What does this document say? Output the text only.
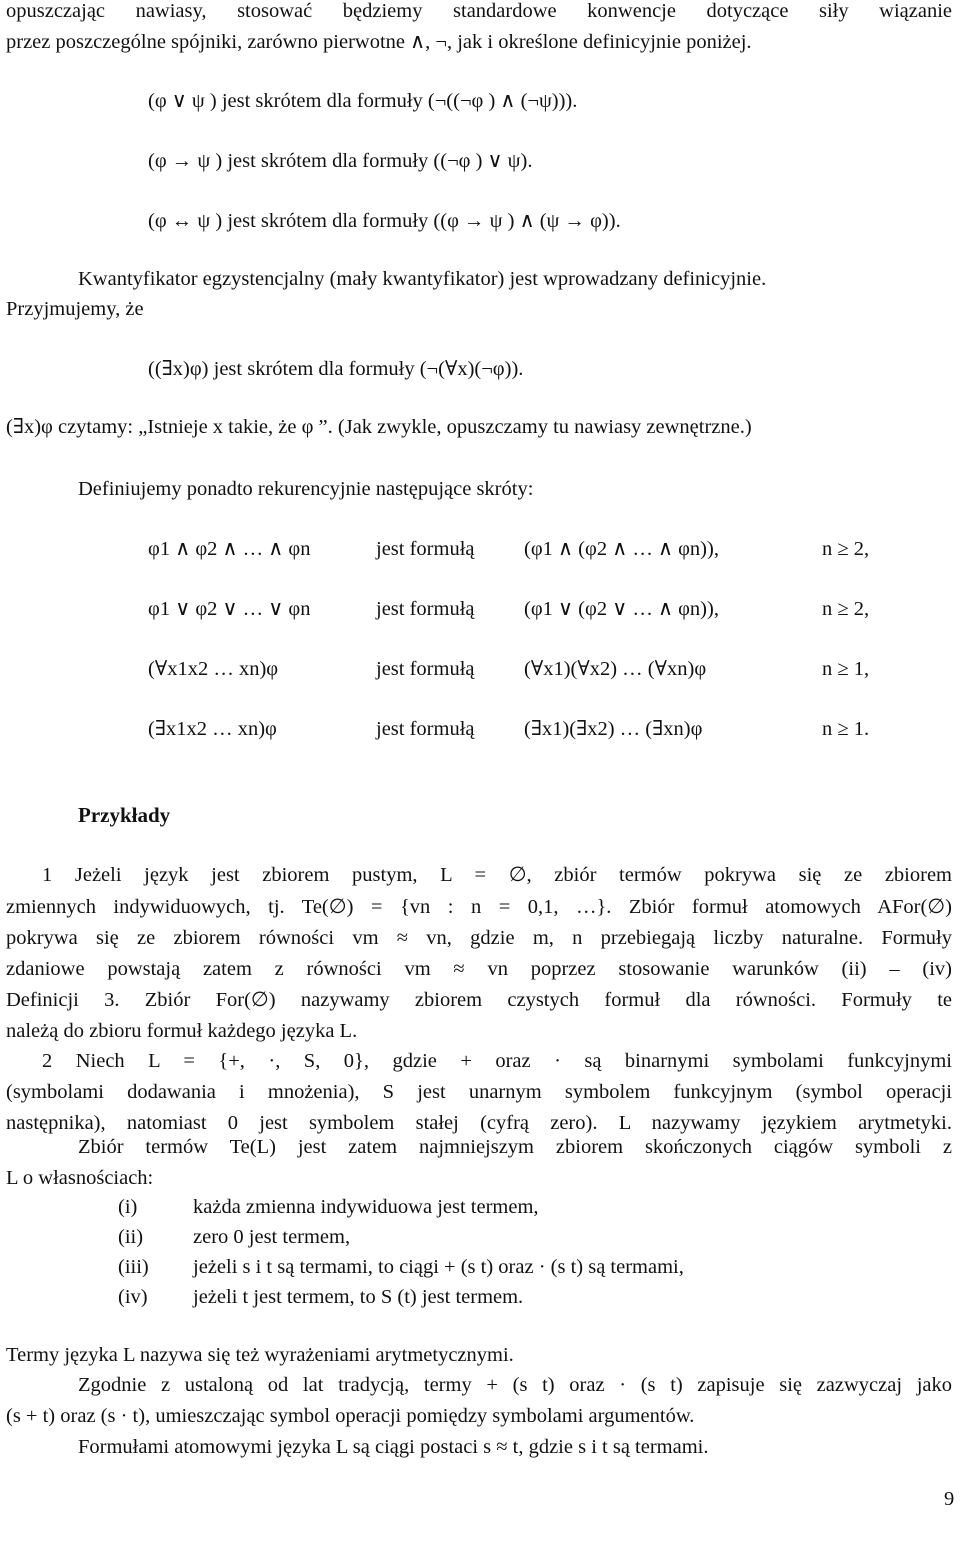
opuszczając nawiasy, stosować będziemy standardowe konwencje dotyczące siły wiązanie
przez poszczególne spójniki, zarówno pierwotne ∧, ¬, jak i określone definicyjnie poniżej.
(φ ∨ ψ ) jest skrótem dla formuły (¬((¬φ ) ∧ (¬ψ))).
(φ → ψ ) jest skrótem dla formuły ((¬φ ) ∨ ψ).
(φ ↔ ψ ) jest skrótem dla formuły ((φ → ψ ) ∧ (ψ → φ)).
Kwantyfikator egzystencjalny (mały kwantyfikator) jest wprowadzany definicyjnie.
Przyjmujemy, że
((∃x)φ) jest skrótem dla formuły (¬(∀x)(¬φ)).
(∃x)φ czytamy: „Istnieje x takie, że φ ”. (Jak zwykle, opuszczamy tu nawiasy zewnętrzne.)
Definiujemy ponadto rekurencyjnie następujące skróty:
φ1 ∧ φ2 ∧ … ∧ φn	jest formułą (φ1 ∧ (φ2 ∧ … ∧ φn)),	n ≥ 2,
φ1 ∨ φ2 ∨ … ∨ φn	jest formułą (φ1 ∨ (φ2 ∨ … ∧ φn)),	n ≥ 2,
(∀x1x2 … xn)φ	jest formułą (∀x1)(∀x2) … (∀xn)φ	n ≥ 1,
(∃x1x2 … xn)φ	jest formułą (∃x1)(∃x2) … (∃xn)φ	n ≥ 1.
Przykłady
1 Jeżeli język jest zbiorem pustym, L = ∅, zbiór termów pokrywa się ze zbiorem
zmiennych indywiduowych, tj. Te(∅) = {vn : n = 0,1, …}. Zbiór formuł atomowych AFor(∅)
pokrywa się ze zbiorem równości vm ≈ vn, gdzie m, n przebiegają liczby naturalne. Formuły
zdaniowe powstają zatem z równości vm ≈ vn poprzez stosowanie warunków (ii) – (iv)
Definicji 3. Zbiór For(∅) nazywamy zbiorem czystych formuł dla równości. Formuły te
należą do zbioru formuł każdego języka L.
2 Niech L = {+, ·, S, 0}, gdzie + oraz · są binarnymi symbolami funkcyjnymi
(symbolami dodawania i mnożenia), S jest unarnym symbolem funkcyjnym (symbol operacji
następnika), natomiast 0 jest symbolem stałej (cyfrą zero). L nazywamy językiem arytmetyki.
Zbiór termów Te(L) jest zatem najmniejszym zbiorem skończonych ciągów symboli z
L o własnościach:
(i)	każda zmienna indywiduowa jest termem,
(ii) zero 0 jest termem,
(iii) jeżeli s i t są termami, to ciągi + (s t) oraz · (s t) są termami,
(iv) jeżeli t jest termem, to S (t) jest termem.
Termy języka L nazywa się też wyrażeniami arytmetycznymi.
Zgodnie z ustaloną od lat tradycją, termy + (s t) oraz · (s t) zapisuje się zazwyczaj jako
(s + t) oraz (s · t), umieszczając symbol operacji pomiędzy symbolami argumentów.
Formułami atomowymi języka L są ciągi postaci s ≈ t, gdzie s i t są termami.
9
